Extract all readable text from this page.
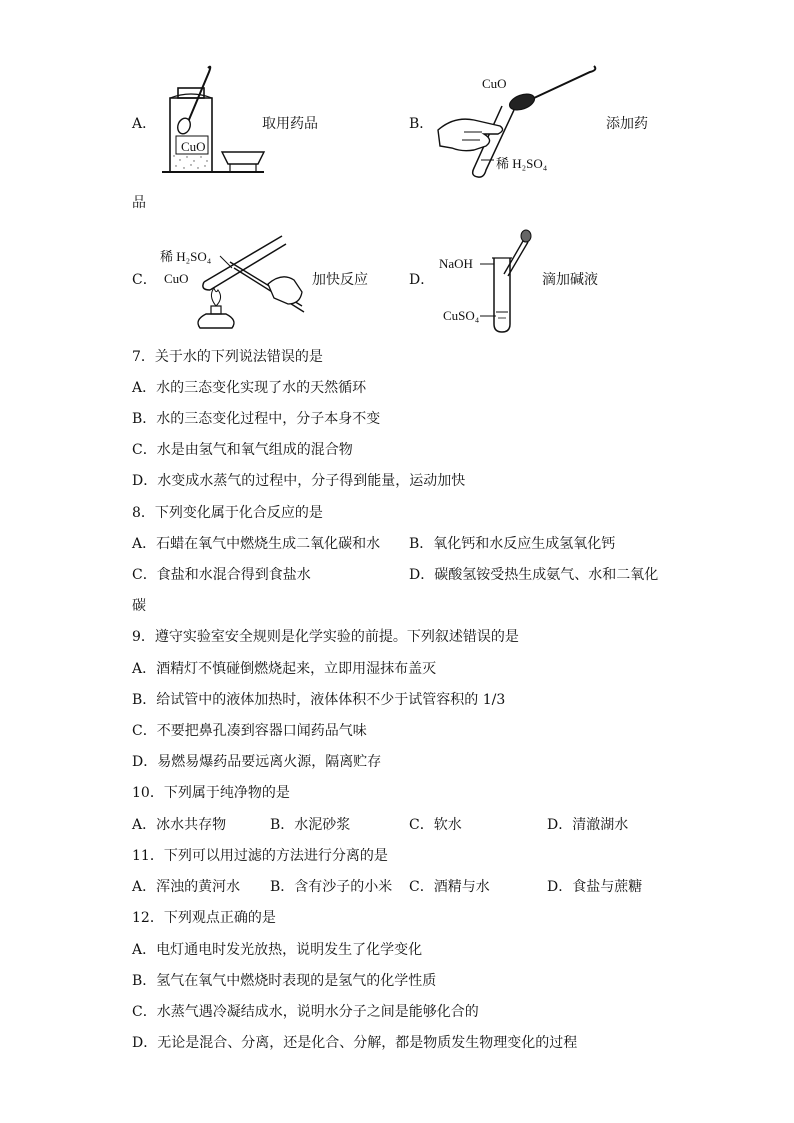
A．
CuO
取用药品	B．
CuO
稀 H₂SO₄
添加药
品
C．
稀 H₂SO₄
CuO	加快反应	D．
NaOH
CuSO₄
滴加碱液
7．关于水的下列说法错误的是
A．水的三态变化实现了水的天然循环
B．水的三态变化过程中，分子本身不变
C．水是由氢气和氧气组成的混合物
D．水变成水蒸气的过程中，分子得到能量，运动加快
8．下列变化属于化合反应的是
A．石蜡在氧气中燃烧生成二氧化碳和水 B．氧化钙和水反应生成氢氧化钙
C．食盐和水混合得到食盐水	D．碳酸氢铵受热生成氨气、水和二氧化
碳
9．遵守实验室安全规则是化学实验的前提。下列叙述错误的是
A．酒精灯不慎碰倒燃烧起来，立即用湿抹布盖灭
B．给试管中的液体加热时，液体体积不少于试管容积的 1/3
C．不要把鼻孔凑到容器口闻药品气味
D．易燃易爆药品要远离火源，隔离贮存
10．下列属于纯净物的是
A．冰水共存物	B．水泥砂浆	C．软水	D．清澈湖水
11．下列可以用过滤的方法进行分离的是
A．浑浊的黄河水 B．含有沙子的小米 C．酒精与水	D．食盐与蔗糖
12．下列观点正确的是
A．电灯通电时发光放热，说明发生了化学变化
B．氢气在氧气中燃烧时表现的是氢气的化学性质
C．水蒸气遇冷凝结成水，说明水分子之间是能够化合的
D．无论是混合、分离，还是化合、分解，都是物质发生物理变化的过程
